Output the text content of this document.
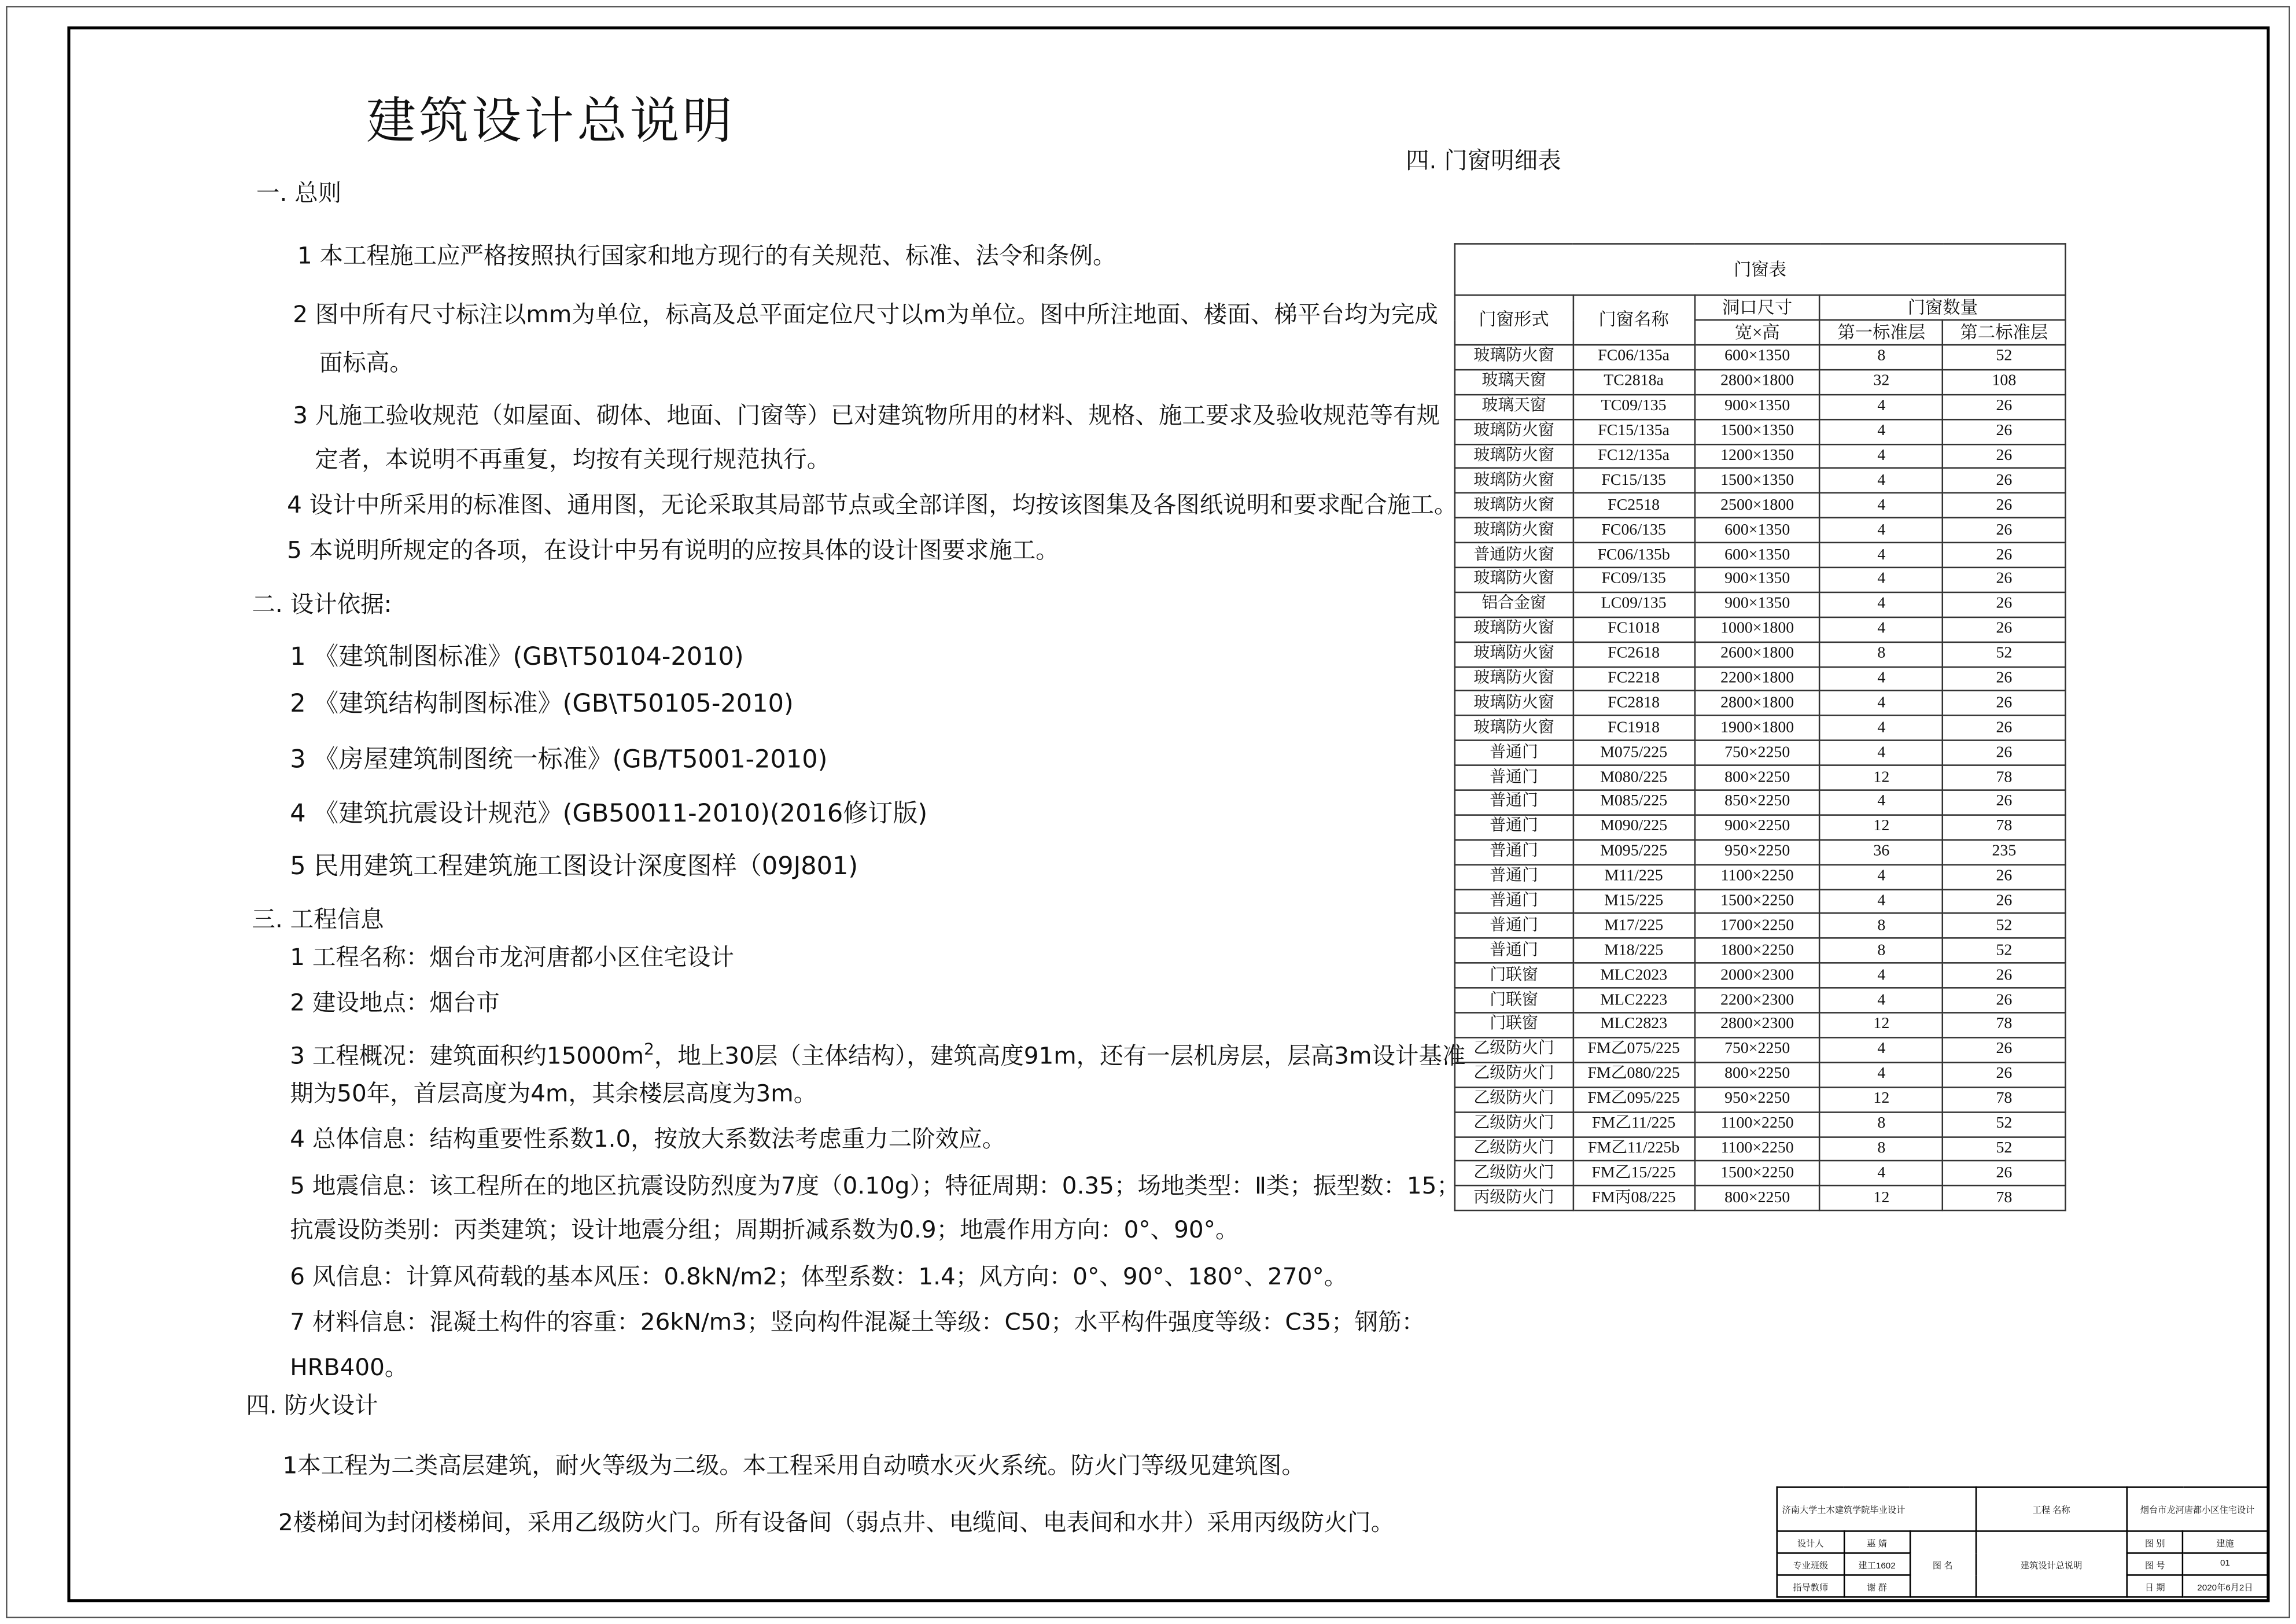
建筑设计总说明
一. 总则
1 本工程施工应严格按照执行国家和地方现行的有关规范、标准、法令和条例。
2 图中所有尺寸标注以mm为单位，标高及总平面定位尺寸以m为单位。图中所注地面、楼面、梯平台均为完成
面标高。
3 凡施工验收规范（如屋面、砌体、地面、门窗等）已对建筑物所用的材料、规格、施工要求及验收规范等有规
定者，本说明不再重复，均按有关现行规范执行。
4 设计中所采用的标准图、通用图，无论采取其局部节点或全部详图，均按该图集及各图纸说明和要求配合施工。
5 本说明所规定的各项，在设计中另有说明的应按具体的设计图要求施工。
二. 设计依据:
1 《建筑制图标准》(GB\T50104-2010)
2 《建筑结构制图标准》(GB\T50105-2010)
3 《房屋建筑制图统一标准》(GB/T5001-2010)
4 《建筑抗震设计规范》(GB50011-2010)(2016修订版)
5 民用建筑工程建筑施工图设计深度图样（09J801)
三. 工程信息
1 工程名称：烟台市龙河唐都小区住宅设计
2 建设地点：烟台市
3 工程概况：建筑面积约$15000m^2$，地上30层（主体结构），建筑高度91m，还有一层机房层，层高3m设计基准
期为50年，首层高度为4m，其余楼层高度为3m。
4 总体信息：结构重要性系数1.0，按放大系数法考虑重力二阶效应。
5 地震信息：该工程所在的地区抗震设防烈度为7度（0.10g）；特征周期：0.35；场地类型：Ⅱ类；振型数：15；
抗震设防类别：丙类建筑；设计地震分组；周期折减系数为0.9；地震作用方向：0°、90°。
6 风信息：计算风荷载的基本风压：0.8kN/m2；体型系数：1.4；风方向：0°、90°、180°、270°。
7 材料信息：混凝土构件的容重：26kN/m3；竖向构件混凝土等级：C50；水平构件强度等级：C35；钢筋：
HRB400。
四. 防火设计
1本工程为二类高层建筑，耐火等级为二级。本工程采用自动喷水灭火系统。防火门等级见建筑图。
2楼梯间为封闭楼梯间，采用乙级防火门。所有设备间（弱点井、电缆间、电表间和水井）采用丙级防火门。
四. 门窗明细表
门窗表				
门窗形式	门窗名称	洞口尺寸	门窗数量	
		宽×高	第一标准层	第二标准层
玻璃防火窗	FC06/135a	600×1350	8	52
玻璃天窗	TC2818a	2800×1800	32	108
玻璃天窗	TC09/135	900×1350	4	26
玻璃防火窗	FC15/135a	1500×1350	4	26
玻璃防火窗	FC12/135a	1200×1350	4	26
玻璃防火窗	FC15/135	1500×1350	4	26
玻璃防火窗	FC2518	2500×1800	4	26
玻璃防火窗	FC06/135	600×1350	4	26
普通防火窗	FC06/135b	600×1350	4	26
玻璃防火窗	FC09/135	900×1350	4	26
铝合金窗	LC09/135	900×1350	4	26
玻璃防火窗	FC1018	1000×1800	4	26
玻璃防火窗	FC2618	2600×1800	8	52
玻璃防火窗	FC2218	2200×1800	4	26
玻璃防火窗	FC2818	2800×1800	4	26
玻璃防火窗	FC1918	1900×1800	4	26
普通门	M075/225	750×2250	4	26
普通门	M080/225	800×2250	12	78
普通门	M085/225	850×2250	4	26
普通门	M090/225	900×2250	12	78
普通门	M095/225	950×2250	36	235
普通门	M11/225	1100×2250	4	26
普通门	M15/225	1500×2250	4	26
普通门	M17/225	1700×2250	8	52
普通门	M18/225	1800×2250	8	52
门联窗	MLC2023	2000×2300	4	26
门联窗	MLC2223	2200×2300	4	26
门联窗	MLC2823	2800×2300	12	78
乙级防火门	FM乙075/225	750×2250	4	26
乙级防火门	FM乙080/225	800×2250	4	26
乙级防火门	FM乙095/225	950×2250	12	78
乙级防火门	FM乙11/225	1100×2250	8	52
乙级防火门	FM乙11/225b	1100×2250	8	52
乙级防火门	FM乙15/225	1500×2250	4	26
丙级防火门	FM丙08/225	800×2250	12	78
济南大学土木建筑学院毕业设计			工程 名称	烟台市龙河唐都小区住宅设计	
设计人	惠 婧	图 名	建筑设计总说明	图 别	建施
专业班级	建工1602			图 号	01
指导教师	谢 群			日 期	2020年6月2日
